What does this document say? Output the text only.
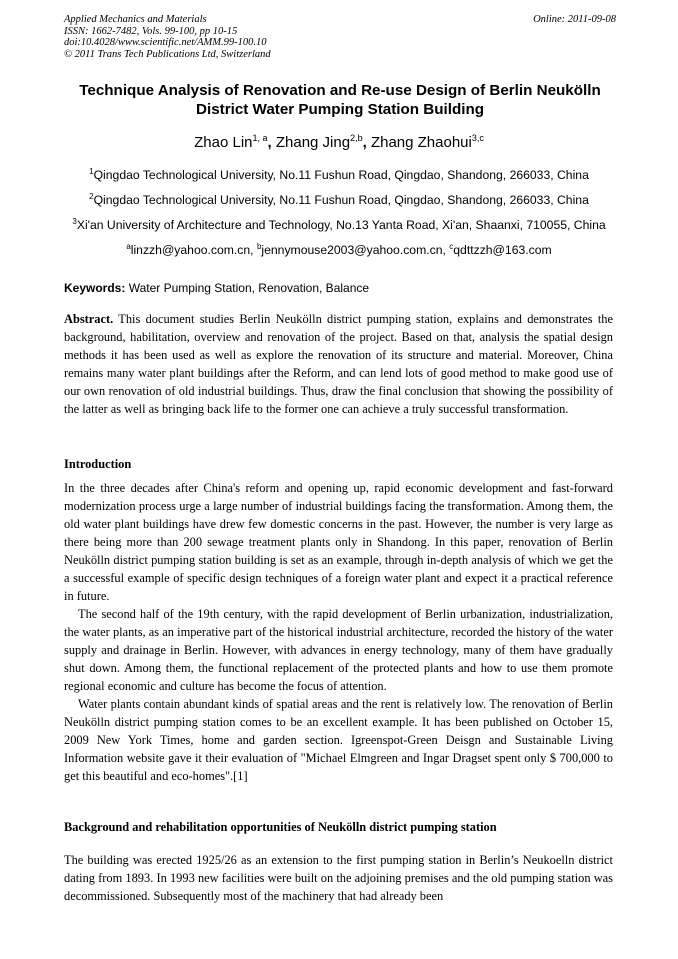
Applied Mechanics and Materials
ISSN: 1662-7482, Vols. 99-100, pp 10-15
doi:10.4028/www.scientific.net/AMM.99-100.10
© 2011 Trans Tech Publications Ltd, Switzerland
Online: 2011-09-08
Technique Analysis of Renovation and Re-use Design of Berlin Neukölln District Water Pumping Station Building
Zhao Lin$^{1, a}$, Zhang Jing$^{2,b}$, Zhang Zhaohui$^{3,c}$
$^1$Qingdao Technological University, No.11 Fushun Road, Qingdao, Shandong, 266033, China
$^2$Qingdao Technological University, No.11 Fushun Road, Qingdao, Shandong, 266033, China
$^3$Xi'an University of Architecture and Technology, No.13 Yanta Road, Xi'an, Shaanxi, 710055, China
$^a$linzzh@yahoo.com.cn, $^b$jennymouse2003@yahoo.com.cn, $^c$qdttzzh@163.com
Keywords: Water Pumping Station, Renovation, Balance

Abstract. This document studies Berlin Neukölln district pumping station, explains and demonstrates the background, habilitation, overview and renovation of the project. Based on that, analysis the spatial design methods it has been used as well as explore the renovation of its structure and material. Moreover, China remains many water plant buildings after the Reform, and can lend lots of good method to make good use of our own renovation of old industrial buildings. Thus, draw the final conclusion that showing the possibility of the latter as well as bringing back life to the former one can achieve a truly successful transformation.

Introduction

In the three decades after China's reform and opening up, rapid economic development and fast-forward modernization process urge a large number of industrial buildings facing the transformation. Among them, the old water plant buildings have drew few domestic concerns in the past. However, the number is very large as there being more than 200 sewage treatment plants only in Shandong. In this paper, renovation of Berlin Neukölln district pumping station building is set as an example, through in-depth analysis of which we get the a successful example of specific design techniques of a foreign water plant and expect it a practical reference in future.

The second half of the 19th century, with the rapid development of Berlin urbanization, industrialization, the water plants, as an imperative part of the historical industrial architecture, recorded the history of the water supply and drainage in Berlin. However, with advances in energy technology, many of them have gradually shut down. Among them, the functional replacement of the protected plants and how to use them promote regional economic and culture has become the focus of attention.

Water plants contain abundant kinds of spatial areas and the rent is relatively low. The renovation of Berlin Neukölln district pumping station comes to be an excellent example. It has been published on October 15, 2009 New York Times, home and garden section. Igreenspot-Green Deisgn and Sustainable Living Information website gave it their evaluation of "Michael Elmgreen and Ingar Dragset spent only $ 700,000 to get this beautiful and eco-homes".[1]

Background and rehabilitation opportunities of Neukölln district pumping station

The building was erected 1925/26 as an extension to the first pumping station in Berlin’s Neukoelln district dating from 1893. In 1993 new facilities were built on the adjoining premises and the old pumping station was decommissioned. Subsequently most of the machinery that had already been
